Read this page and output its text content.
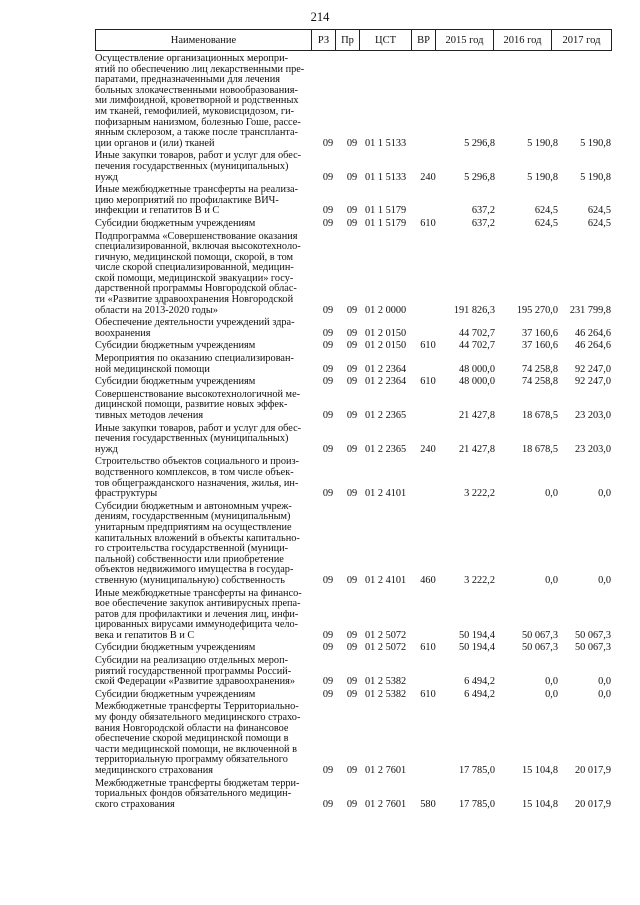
214
Наименование	РЗ	Пр	ЦСТ	ВР	2015 год	2016 год	2017 год
Осуществление организационных меропри-
ятий по обеспечению лиц лекарственными пре-
паратами, предназначенными для лечения
больных злокачественными новообразования-
ми лимфоидной, кроветворной и родственных
им тканей, гемофилией, муковисцидозом, ги-
пофизарным нанизмом, болезнью Гоше, рассе-
янным склерозом, а также после транспланта-
ции органов и (или) тканей	09	09 01 1 5133	5 296,8	5 190,8	5 190,8
Иные закупки товаров, работ и услуг для обес-
печения государственных (муниципальных)
нужд	09	09 01 1 5133	240	5 296,8	5 190,8	5 190,8
Иные межбюджетные трансферты на реализа-
цию мероприятий по профилактике ВИЧ-
инфекции и гепатитов В и С	09	09 01 1 5179	637,2	624,5	624,5
Субсидии бюджетным учреждениям	09	09 01 1 5179	610	637,2	624,5	624,5
Подпрограмма «Совершенствование оказания
специализированной, включая высокотехноло-
гичную, медицинской помощи, скорой, в том
числе скорой специализированной, медицин-
ской помощи, медицинской эвакуации» госу-
дарственной программы Новгородской облас-
ти «Развитие здравоохранения Новгородской
области на 2013-2020 годы»	09	09 01 2 0000	191 826,3	195 270,0	231 799,8
Обеспечение деятельности учреждений здра-
воохранения	09	09 01 2 0150	44 702,7	37 160,6	46 264,6
Субсидии бюджетным учреждениям	09	09 01 2 0150	610	44 702,7	37 160,6	46 264,6
Мероприятия по оказанию специализирован-
ной медицинской помощи	09	09 01 2 2364	48 000,0	74 258,8	92 247,0
Субсидии бюджетным учреждениям	09	09 01 2 2364	610	48 000,0	74 258,8	92 247,0
Совершенствование высокотехнологичной ме-
дицинской помощи, развитие новых эффек-
тивных методов лечения	09	09 01 2 2365	21 427,8	18 678,5	23 203,0
Иные закупки товаров, работ и услуг для обес-
печения государственных (муниципальных)
нужд	09	09 01 2 2365	240	21 427,8	18 678,5	23 203,0
Строительство объектов социального и произ-
водственного комплексов, в том числе объек-
тов общегражданского назначения, жилья, ин-
фраструктуры	09	09 01 2 4101	3 222,2	0,0	0,0
Субсидии бюджетным и автономным учреж-
дениям, государственным (муниципальным)
унитарным предприятиям на осуществление
капитальных вложений в объекты капитально-
го строительства государственной (муници-
пальной) собственности или приобретение
объектов недвижимого имущества в государ-
ственную (муниципальную) собственность	09	09 01 2 4101	460	3 222,2	0,0	0,0
Иные межбюджетные трансферты на финансо-
вое обеспечение закупок антивирусных препа-
ратов для профилактики и лечения лиц, инфи-
цированных вирусами иммунодефицита чело-
века и гепатитов В и С	09	09 01 2 5072	50 194,4	50 067,3	50 067,3
Субсидии бюджетным учреждениям	09	09 01 2 5072	610	50 194,4	50 067,3	50 067,3
Субсидии на реализацию отдельных мероп-
риятий государственной программы Россий-
ской Федерации «Развитие здравоохранения»	09	09 01 2 5382	6 494,2	0,0	0,0
Субсидии бюджетным учреждениям	09	09 01 2 5382	610	6 494,2	0,0	0,0
Межбюджетные трансферты Территориально-
му фонду обязательного медицинского страхо-
вания Новгородской области на финансовое
обеспечение скорой медицинской помощи в
части медицинской помощи, не включенной в
территориальную программу обязательного
медицинского страхования	09	09 01 2 7601	17 785,0	15 104,8	20 017,9
Межбюджетные трансферты бюджетам терри-
ториальных фондов обязательного медицин-
ского страхования	09	09 01 2 7601	580	17 785,0	15 104,8	20 017,9
